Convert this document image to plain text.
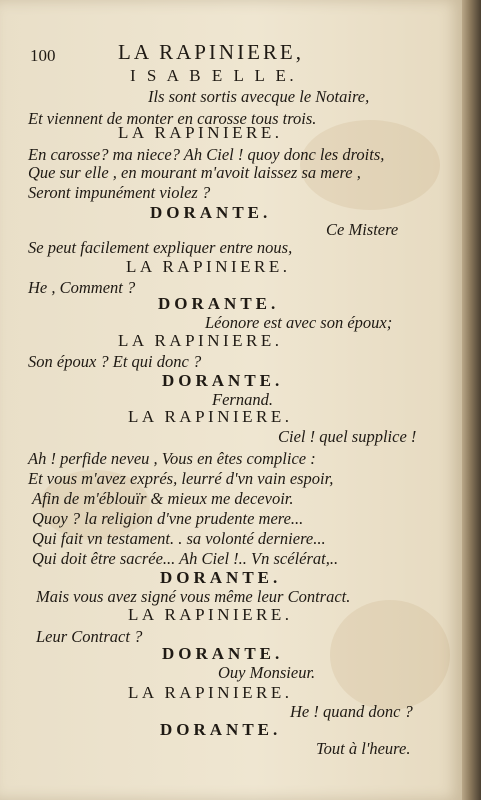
100	LA RAPINIERE,
I S A B E L L E.
Ils sont sortis avecque le Notaire,
Et viennent de monter en carosse tous trois.
LA RAPINIERE.
En carosse? ma niece? Ah Ciel ! quoy donc les droits,
Que sur elle , en mourant m'avoit laissez sa mere ,
Seront impunément violez ?
DORANTE.
Ce Mistere
Se peut facilement expliquer entre nous,
LA RAPINIERE.
He , Comment ?
DORANTE.
Léonore est avec son époux;
LA RAPINIERE.
Son époux ? Et qui donc ?
DORANTE.
Fernand.
LA RAPINIERE.
Ciel ! quel supplice !
Ah ! perfide neveu , Vous en êtes complice :
Et vous m'avez exprés, leurré d'vn vain espoir,
Afin de m'éblouïr & mieux me decevoir.
Quoy ? la religion d'vne prudente mere...
Qui fait vn testament. . sa volonté derniere...
Qui doit être sacrée... Ah Ciel !.. Vn scélérat,..
DORANTE.
Mais vous avez signé vous même leur Contract.
LA RAPINIERE.
Leur Contract ?
DORANTE.
Ouy Monsieur.
LA RAPINIERE.
He ! quand donc ?
DORANTE.
Tout à l'heure.
